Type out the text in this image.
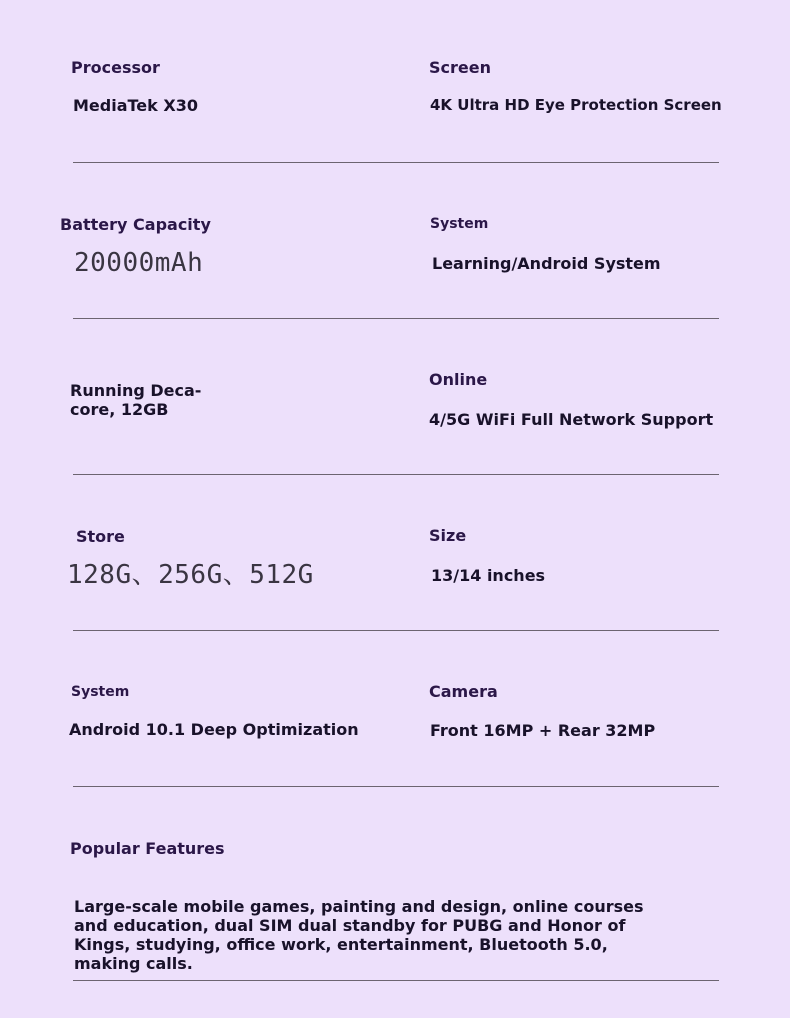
Processor
MediaTek X30
Screen
4K Ultra HD Eye Protection Screen
Battery Capacity
20000mAh
System
Learning/Android System
Running Deca-core, 12GB
Online
4/5G WiFi Full Network Support
Store
128G、256G、512G
Size
13/14 inches
System
Android 10.1 Deep Optimization
Camera
Front 16MP + Rear 32MP
Popular Features
Large-scale mobile games, painting and design, online courses and education, dual SIM dual standby for PUBG and Honor of Kings, studying, office work, entertainment, Bluetooth 5.0, making calls.
